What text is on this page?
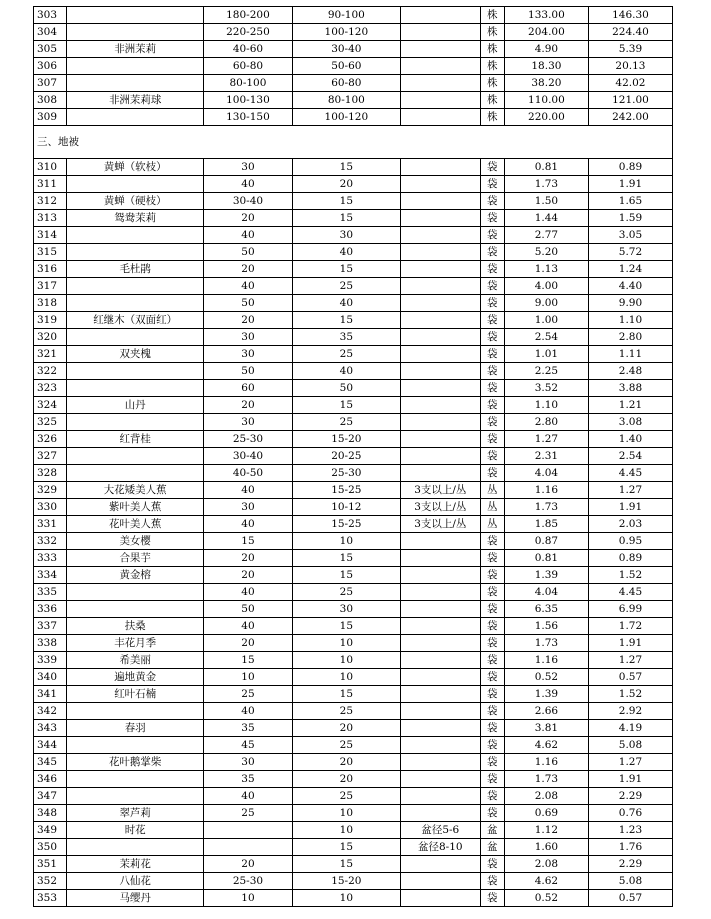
303		180-200	90-100		株	133.00	146.30
304		220-250	100-120		株	204.00	224.40
305	非洲茉莉	40-60	30-40		株	4.90	5.39
306		60-80	50-60		株	18.30	20.13
307		80-100	60-80		株	38.20	42.02
308	非洲茉莉球	100-130	80-100		株	110.00	121.00
309		130-150	100-120		株	220.00	242.00
三、地被							
310	黄蝉（软枝）	30	15		袋	0.81	0.89
311		40	20		袋	1.73	1.91
312	黄蝉（硬枝）	30-40	15		袋	1.50	1.65
313	鸳鸯茉莉	20	15		袋	1.44	1.59
314		40	30		袋	2.77	3.05
315		50	40		袋	5.20	5.72
316	毛杜鹃	20	15		袋	1.13	1.24
317		40	25		袋	4.00	4.40
318		50	40		袋	9.00	9.90
319	红继木（双面红）	20	15		袋	1.00	1.10
320		30	35		袋	2.54	2.80
321	双夹槐	30	25		袋	1.01	1.11
322		50	40		袋	2.25	2.48
323		60	50		袋	3.52	3.88
324	山丹	20	15		袋	1.10	1.21
325		30	25		袋	2.80	3.08
326	红背桂	25-30	15-20		袋	1.27	1.40
327		30-40	20-25		袋	2.31	2.54
328		40-50	25-30		袋	4.04	4.45
329	大花矮美人蕉	40	15-25	3支以上/丛	丛	1.16	1.27
330	紫叶美人蕉	30	10-12	3支以上/丛	丛	1.73	1.91
331	花叶美人蕉	40	15-25	3支以上/丛	丛	1.85	2.03
332	美女樱	15	10		袋	0.87	0.95
333	合果芋	20	15		袋	0.81	0.89
334	黄金榕	20	15		袋	1.39	1.52
335		40	25		袋	4.04	4.45
336		50	30		袋	6.35	6.99
337	扶桑	40	15		袋	1.56	1.72
338	丰花月季	20	10		袋	1.73	1.91
339	希美丽	15	10		袋	1.16	1.27
340	遍地黄金	10	10		袋	0.52	0.57
341	红叶石楠	25	15		袋	1.39	1.52
342		40	25		袋	2.66	2.92
343	春羽	35	20		袋	3.81	4.19
344		45	25		袋	4.62	5.08
345	花叶鹅掌柴	30	20		袋	1.16	1.27
346		35	20		袋	1.73	1.91
347		40	25		袋	2.08	2.29
348	翠芦莉	25	10		袋	0.69	0.76
349	时花		10	盆径5-6	盆	1.12	1.23
350			15	盆径8-10	盆	1.60	1.76
351	茉莉花	20	15		袋	2.08	2.29
352	八仙花	25-30	15-20		袋	4.62	5.08
353	马缨丹	10	10		袋	0.52	0.57
